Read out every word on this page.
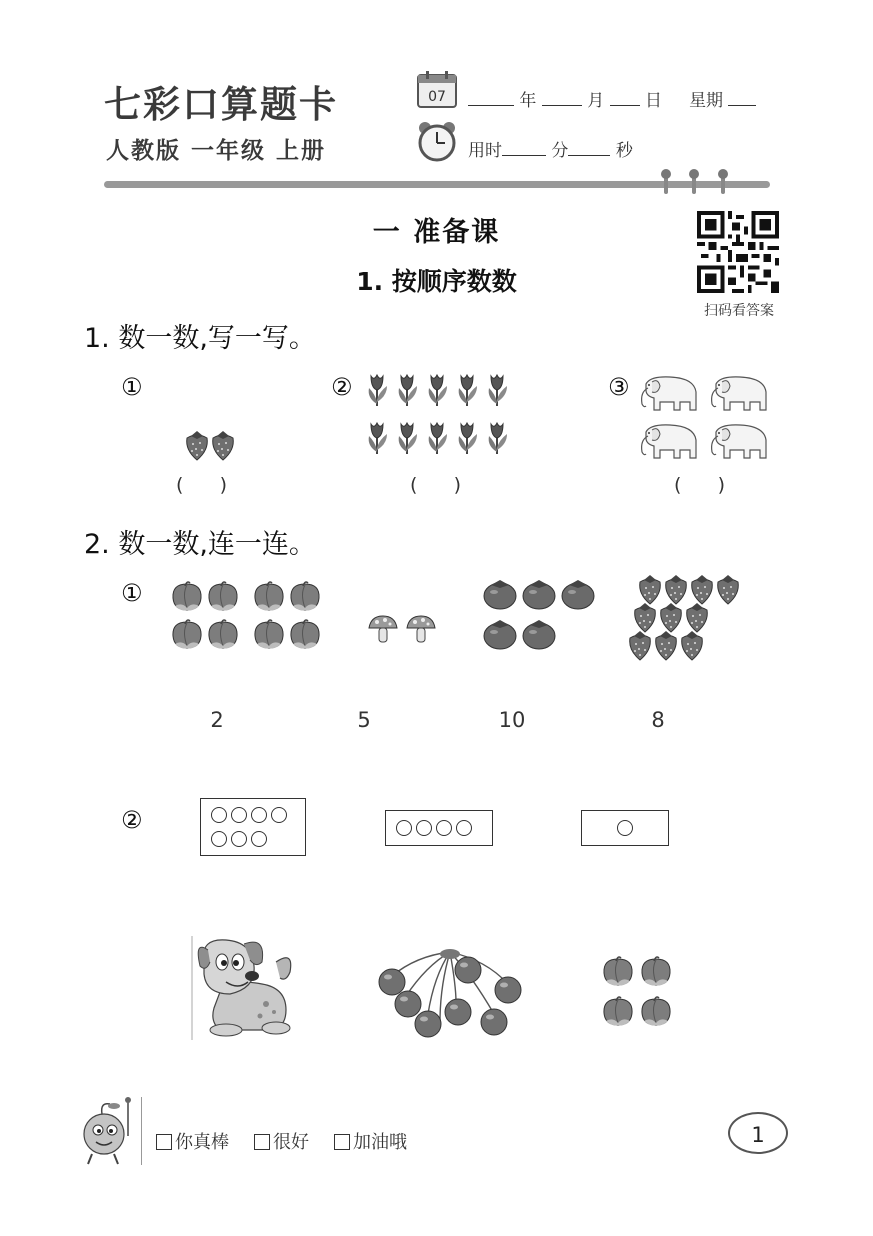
七彩口算题卡
人教版 一年级 上册
07	年	月 日 星期
用时	分	秒
一 准备课
1. 按顺序数数
扫码看答案
1. 数一数,写一写。
①	②	③
(      )	(      )	(      )
2. 数一数,连一连。
①
2	5	10	8
②
你真棒	很好	加油哦	1
